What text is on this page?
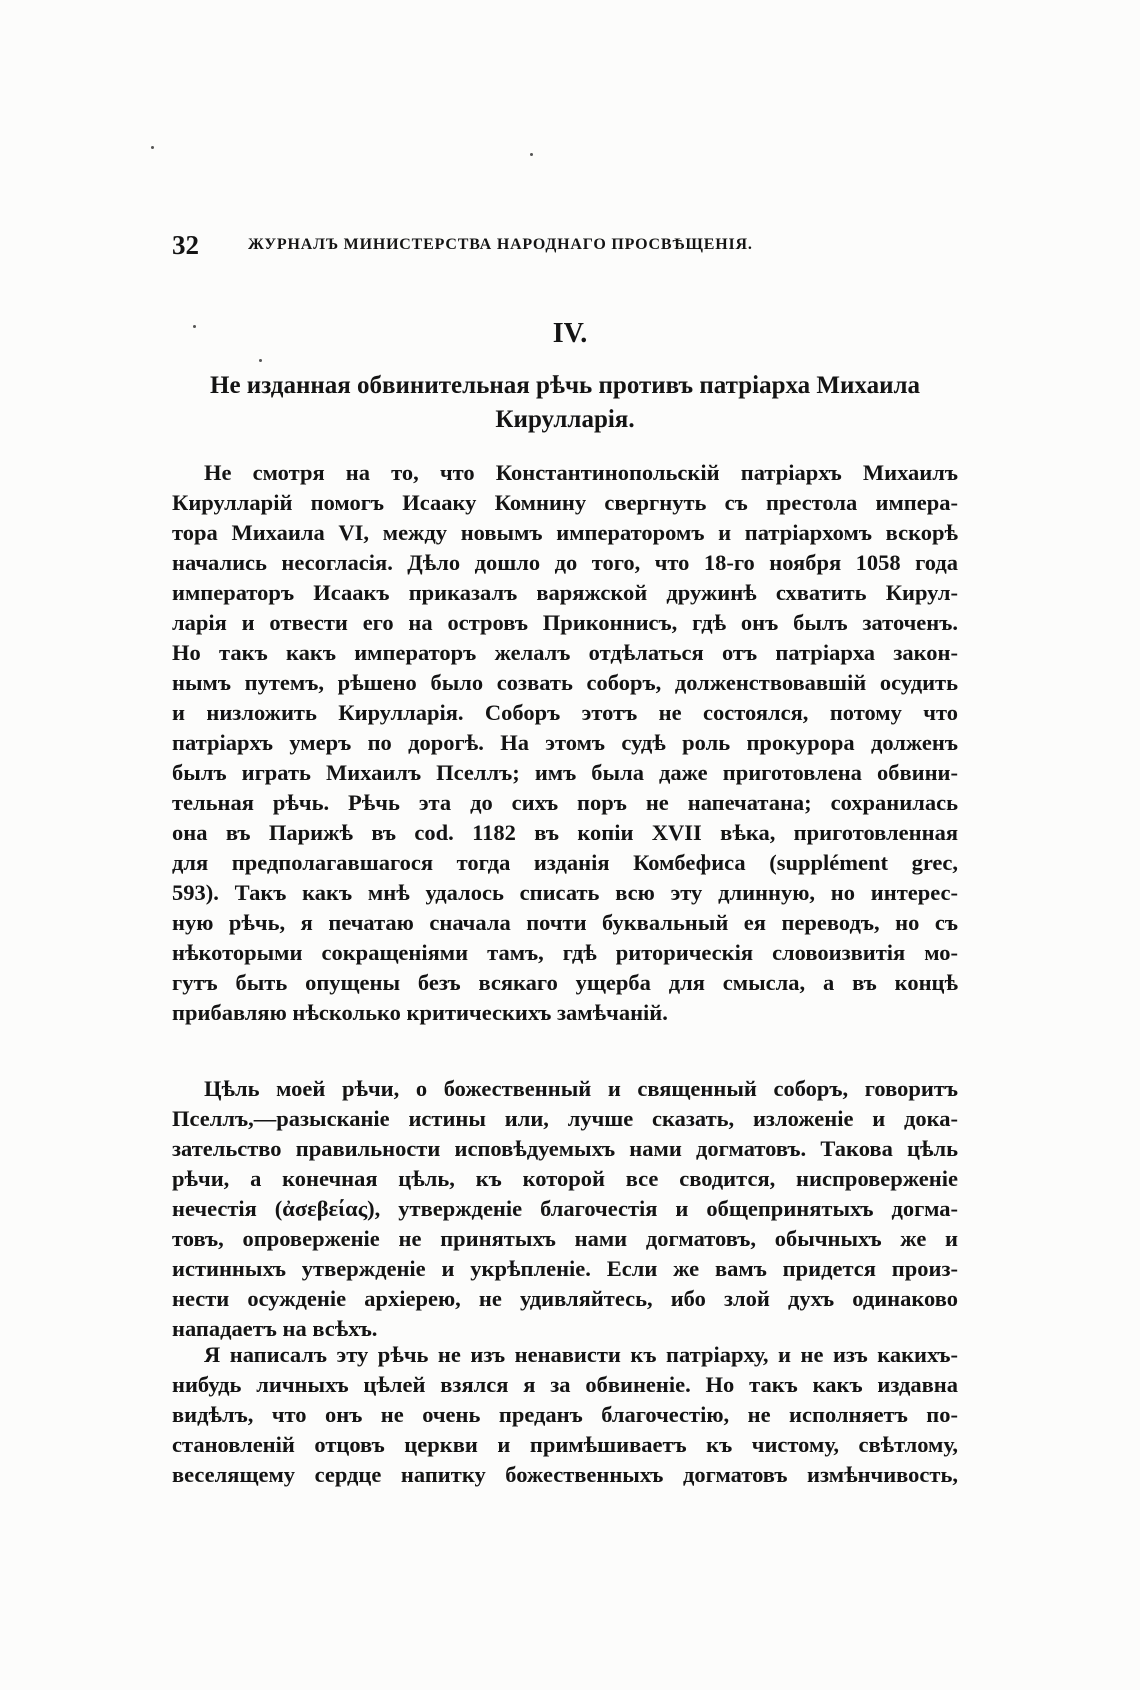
32	ЖУРНАЛЪ МИНИСТЕРСТВА НАРОДНАГО ПРОСВѢЩЕНІЯ.
IV.
Не изданная обвинительная рѣчь противъ патріарха Михаила
Кирулларія.
Не смотря на то, что Константинопольскій патріархъ Михаилъ
Кирулларій помогъ Исааку Комнину свергнуть съ престола импера-
тора Михаила VI, между новымъ императоромъ и патріархомъ вскорѣ
начались несогласія. Дѣло дошло до того, что 18-го ноября 1058 года
императоръ Исаакъ приказалъ варяжской дружинѣ схватить Кирул-
ларія и отвести его на островъ Приконнисъ, гдѣ онъ былъ заточенъ.
Но такъ какъ императоръ желалъ отдѣлаться отъ патріарха закон-
нымъ путемъ, рѣшено было созвать соборъ, долженствовавшій осудить
и низложить Кирулларія. Соборъ этотъ не состоялся, потому что
патріархъ умеръ по дорогѣ. На этомъ судѣ роль прокурора долженъ
былъ играть Михаилъ Пселлъ; имъ была даже приготовлена обвини-
тельная рѣчь. Рѣчь эта до сихъ поръ не напечатана; сохранилась
она въ Парижѣ въ cod. 1182 въ копіи XVII вѣка, приготовленная
для предполагавшагося тогда изданія Комбефиса (supplément grec,
593). Такъ какъ мнѣ удалось списать всю эту длинную, но интерес-
ную рѣчь, я печатаю сначала почти буквальный ея переводъ, но съ
нѣкоторыми сокращеніями тамъ, гдѣ риторическія словоизвитія мо-
гутъ быть опущены безъ всякаго ущерба для смысла, а въ концѣ
прибавляю нѣсколько критическихъ замѣчаній.
Цѣль моей рѣчи, о божественный и священный соборъ, говоритъ
Пселлъ,—разысканіе истины или, лучше сказать, изложеніе и дока-
зательство правильности исповѣдуемыхъ нами догматовъ. Такова цѣль
рѣчи, а конечная цѣль, къ которой все сводится, ниспроверженіе
нечестія (ἀσεβείας), утвержденіе благочестія и общепринятыхъ догма-
товъ, опроверженіе не принятыхъ нами догматовъ, обычныхъ же и
истинныхъ утвержденіе и укрѣпленіе. Если же вамъ придется произ-
нести осужденіе архіерею, не удивляйтесь, ибо злой духъ одинаково
нападаетъ на всѣхъ.
Я написалъ эту рѣчь не изъ ненависти къ патріарху, и не изъ какихъ-
нибудь личныхъ цѣлей взялся я за обвиненіе. Но такъ какъ издавна
видѣлъ, что онъ не очень преданъ благочестію, не исполняетъ по-
становленій отцовъ церкви и примѣшиваетъ къ чистому, свѣтлому,
веселящему сердце напитку божественныхъ догматовъ измѣнчивость,
